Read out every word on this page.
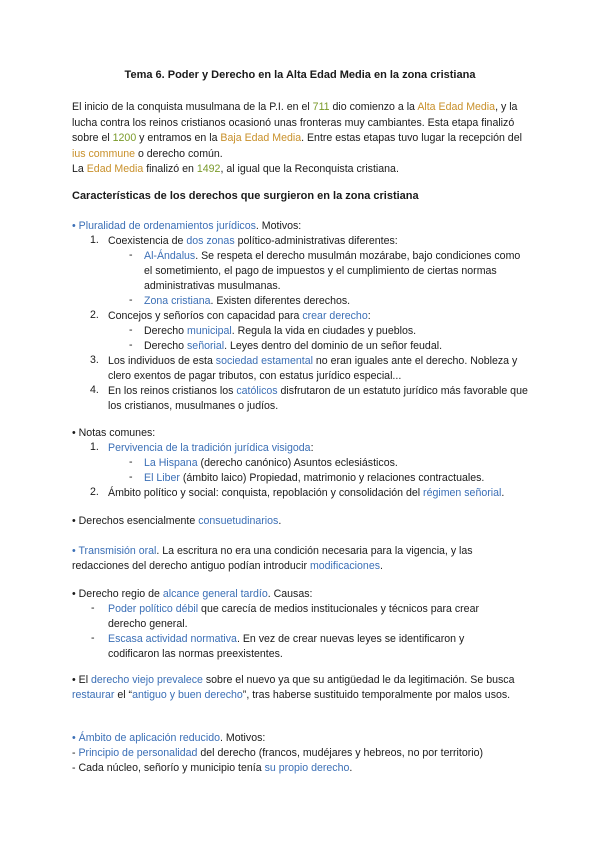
Tema 6. Poder y Derecho en la Alta Edad Media en la zona cristiana

El inicio de la conquista musulmana de la P.I. en el 711 dio comienzo a la Alta Edad Media, y la lucha contra los reinos cristianos ocasionó unas fronteras muy cambiantes. Esta etapa finalizó sobre el 1200 y entramos en la Baja Edad Media. Entre estas etapas tuvo lugar la recepción del ius commune o derecho común.

La Edad Media finalizó en 1492, al igual que la Reconquista cristiana.

Características de los derechos que surgieron en la zona cristiana
• Pluralidad de ordenamientos jurídicos. Motivos:
1. Coexistencia de dos zonas político-administrativas diferentes:
- Al-Ándalus. Se respeta el derecho musulmán mozárabe, bajo condiciones como el sometimiento, el pago de impuestos y el cumplimiento de ciertas normas administrativas musulmanas.
- Zona cristiana. Existen diferentes derechos.
2. Concejos y señoríos con capacidad para crear derecho:
- Derecho municipal. Regula la vida en ciudades y pueblos.
- Derecho señorial. Leyes dentro del dominio de un señor feudal.
3. Los individuos de esta sociedad estamental no eran iguales ante el derecho. Nobleza y clero exentos de pagar tributos, con estatus jurídico especial...
4. En los reinos cristianos los católicos disfrutaron de un estatuto jurídico más favorable que los cristianos, musulmanes o judíos.
• Notas comunes:
1. Pervivencia de la tradición jurídica visigoda:
- La Hispana (derecho canónico) Asuntos eclesiásticos.
- El Liber (ámbito laico) Propiedad, matrimonio y relaciones contractuales.
2. Ámbito político y social: conquista, repoblación y consolidación del régimen señorial.
• Derechos esencialmente consuetudinarios.
• Transmisión oral. La escritura no era una condición necesaria para la vigencia, y las redacciones del derecho antiguo podían introducir modificaciones.
• Derecho regio de alcance general tardío. Causas:
- Poder político débil que carecía de medios institucionales y técnicos para crear derecho general.
- Escasa actividad normativa. En vez de crear nuevas leyes se identificaron y codificaron las normas preexistentes.
• El derecho viejo prevalece sobre el nuevo ya que su antigüedad le da legitimación. Se busca restaurar el “antiguo y buen derecho”, tras haberse sustituido temporalmente por malos usos.
• Ámbito de aplicación reducido. Motivos:
- Principio de personalidad del derecho (francos, mudéjares y hebreos, no por territorio)
- Cada núcleo, señorío y municipio tenía su propio derecho.
